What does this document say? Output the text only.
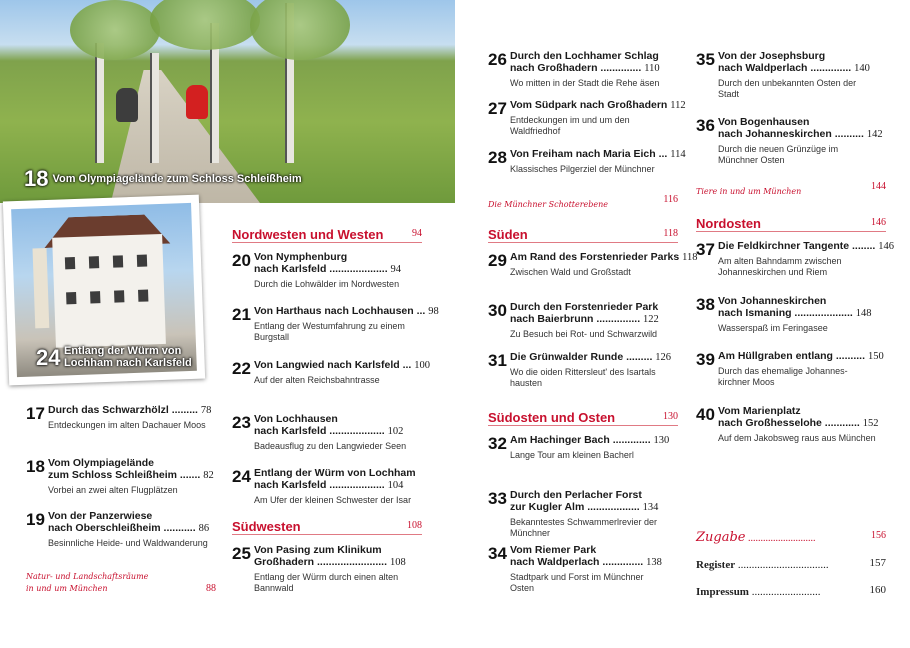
18 Vom Olympiagelände zum Schloss Schleißheim
24 Entlang der Würm von Lochham nach Karlsfeld
17 Durch das Schwarzhölzl ......... 78
Entdeckungen im alten Dachauer Moos
18 Vom Olympiagelände
zum Schloss Schleißheim ....... 82
Vorbei an zwei alten Flugplätzen
19 Von der Panzerwiese
nach Oberschleißheim ........... 86
Besinnliche Heide- und Waldwanderung
Natur- und Landschaftsräume
in und um München	88
Nordwesten und Westen	94
20 Von Nymphenburg
nach Karlsfeld .................... 94
Durch die Lohwälder im Nordwesten
21 Von Harthaus nach Lochhausen ... 98
Entlang der Westumfahrung zu einem Burgstall
22 Von Langwied nach Karlsfeld ... 100
Auf der alten Reichsbahntrasse
23 Von Lochhausen
nach Karlsfeld ................... 102
Badeausflug zu den Langwieder Seen
24 Entlang der Würm von Lochham
nach Karlsfeld ................... 104
Am Ufer der kleinen Schwester der Isar
Südwesten	108
25 Von Pasing zum Klinikum
Großhadern ........................ 108
Entlang der Würm durch einen alten Bannwald
26 Durch den Lochhamer Schlag
nach Großhadern .............. 110
Wo mitten in der Stadt die Rehe äsen
27 Vom Südpark nach Großhadern 112
Entdeckungen im und um den Waldfriedhof
28 Von Freiham nach Maria Eich ... 114
Klassisches Pilgerziel der Münchner
Die Münchner Schotterebene	116
Süden	118
29 Am Rand des Forstenrieder Parks 118
Zwischen Wald und Großstadt
30 Durch den Forstenrieder Park
nach Baierbrunn ............... 122
Zu Besuch bei Rot- und Schwarzwild
31 Die Grünwalder Runde ......... 126
Wo die oiden Rittersleut' des Isartals hausten
Südosten und Osten	130
32 Am Hachinger Bach ............. 130
Lange Tour am kleinen Bacherl
33 Durch den Perlacher Forst
zur Kugler Alm .................. 134
Bekanntestes Schwammerlrevier der Münchner
34 Vom Riemer Park
nach Waldperlach .............. 138
Stadtpark und Forst im Münchner Osten
35 Von der Josephsburg
nach Waldperlach .............. 140
Durch den unbekannten Osten der Stadt
36 Von Bogenhausen
nach Johanneskirchen .......... 142
Durch die neuen Grünzüge im Münchner Osten
Tiere in und um München	144
Nordosten	146
37 Die Feldkirchner Tangente ........ 146
Am alten Bahndamm zwischen Johanneskirchen und Riem
38 Von Johanneskirchen
nach Ismaning .................... 148
Wasserspaß im Feringasee
39 Am Hüllgraben entlang .......... 150
Durch das ehemalige Johannes-kirchner Moos
40 Vom Marienplatz
nach Großhesselohe ............ 152
Auf dem Jakobsweg raus aus München
Zugabe ...........................	156
Register .................................	157
Impressum .........................	160
